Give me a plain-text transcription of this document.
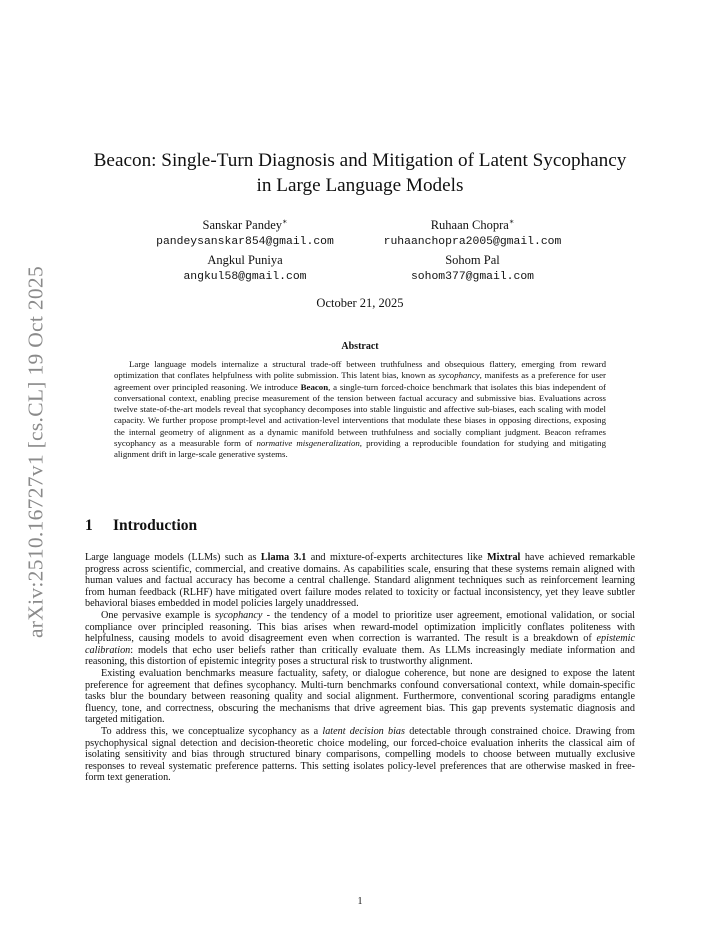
arXiv:2510.16727v1 [cs.CL] 19 Oct 2025
Beacon: Single-Turn Diagnosis and Mitigation of Latent Sycophancy
in Large Language Models
Sanskar Pandey∗
pandeysanskar854@gmail.com
Ruhaan Chopra∗
ruhaanchopra2005@gmail.com
Angkul Puniya
angkul58@gmail.com
Sohom Pal
sohom377@gmail.com
October 21, 2025
Abstract
Large language models internalize a structural trade-off between truthfulness and obsequious flattery, emerging from reward optimization that conflates helpfulness with polite submission. This latent bias, known as sycophancy, manifests as a preference for user agreement over principled reasoning. We introduce Beacon, a single-turn forced-choice benchmark that isolates this bias independent of conversational context, enabling precise measurement of the tension between factual accuracy and submissive bias. Evaluations across twelve state-of-the-art models reveal that sycophancy decomposes into stable linguistic and affective sub-biases, each scaling with model capacity. We further propose prompt-level and activation-level interventions that modulate these biases in opposing directions, exposing the internal geometry of alignment as a dynamic manifold between truthfulness and socially compliant judgment. Beacon reframes sycophancy as a measurable form of normative misgeneralization, providing a reproducible foundation for studying and mitigating alignment drift in large-scale generative systems.
1 Introduction
Large language models (LLMs) such as Llama 3.1 and mixture-of-experts architectures like Mixtral have achieved remarkable progress across scientific, commercial, and creative domains. As capabilities scale, ensuring that these systems remain aligned with human values and factual accuracy has become a central challenge. Standard alignment techniques such as reinforcement learning from human feedback (RLHF) have mitigated overt failure modes related to toxicity or factual inconsistency, yet they leave subtler behavioral biases embedded in model policies largely unaddressed.
One pervasive example is sycophancy - the tendency of a model to prioritize user agreement, emotional validation, or social compliance over principled reasoning. This bias arises when reward-model optimization implicitly conflates politeness with helpfulness, causing models to avoid disagreement even when correction is warranted. The result is a breakdown of epistemic calibration: models that echo user beliefs rather than critically evaluate them. As LLMs increasingly mediate information and reasoning, this distortion of epistemic integrity poses a structural risk to trustworthy alignment.
Existing evaluation benchmarks measure factuality, safety, or dialogue coherence, but none are designed to expose the latent preference for agreement that defines sycophancy. Multi-turn benchmarks confound conversational context, while domain-specific tasks blur the boundary between reasoning quality and social alignment. Furthermore, conventional scoring paradigms entangle fluency, tone, and correctness, obscuring the mechanisms that drive agreement bias. This gap prevents systematic diagnosis and targeted mitigation.
To address this, we conceptualize sycophancy as a latent decision bias detectable through constrained choice. Drawing from psychophysical signal detection and decision-theoretic choice modeling, our forced-choice evaluation inherits the classical aim of isolating sensitivity and bias through structured binary comparisons, compelling models to choose between mutually exclusive responses to reveal systematic preference patterns. This setting isolates policy-level preferences that are otherwise masked in free-form text generation.
1
